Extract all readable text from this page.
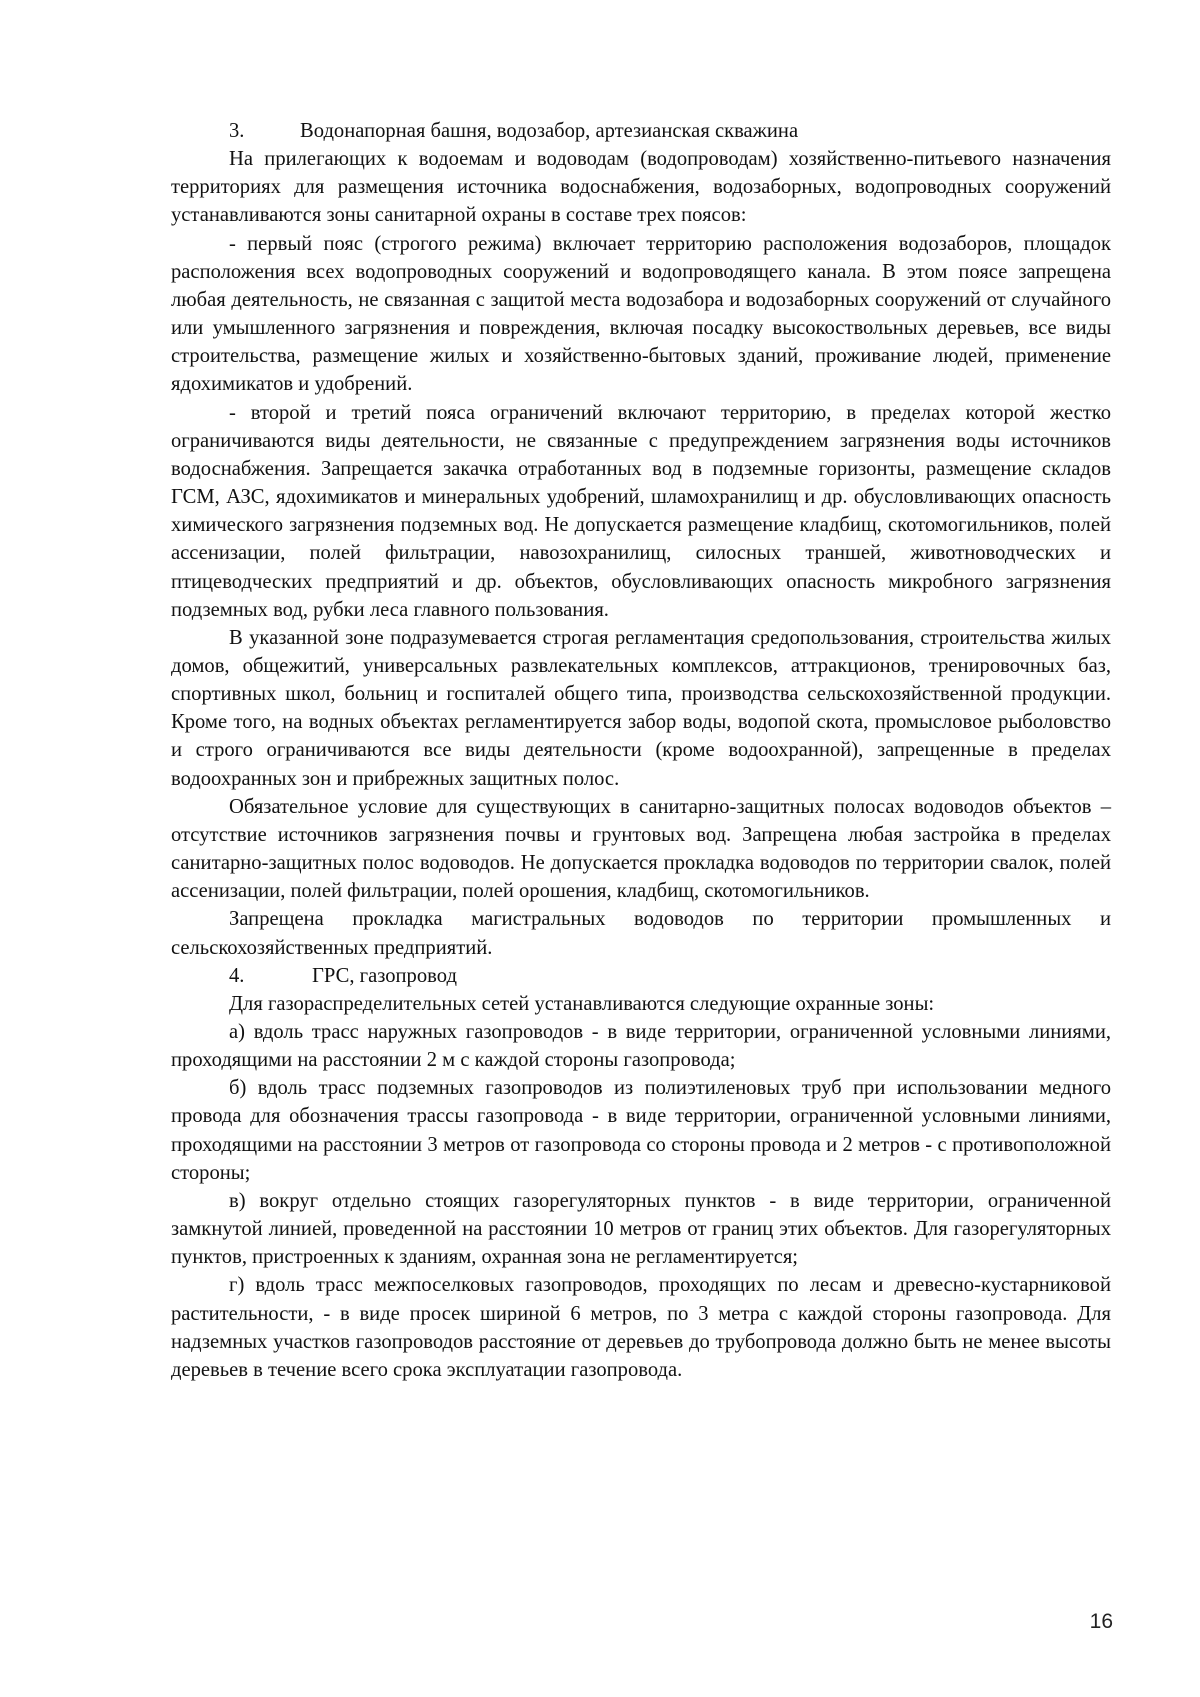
3.	Водонапорная башня, водозабор, артезианская скважина

На прилегающих к водоемам и водоводам (водопроводам) хозяйственно-питьевого назначения территориях для размещения источника водоснабжения, водозаборных, водопроводных сооружений устанавливаются зоны санитарной охраны в составе трех поясов:

- первый пояс (строгого режима) включает территорию расположения водозаборов, площадок расположения всех водопроводных сооружений и водопроводящего канала. В этом поясе запрещена любая деятельность, не связанная с защитой места водозабора и водозаборных сооружений от случайного или умышленного загрязнения и повреждения, включая посадку высокоствольных деревьев, все виды строительства, размещение жилых и хозяйственно-бытовых зданий, проживание людей, применение ядохимикатов и удобрений.

- второй и третий пояса ограничений включают территорию, в пределах которой жестко ограничиваются виды деятельности, не связанные с предупреждением загрязнения воды источников водоснабжения. Запрещается закачка отработанных вод в подземные горизонты, размещение складов ГСМ, АЗС, ядохимикатов и минеральных удобрений, шламохранилищ и др. обусловливающих опасность химического загрязнения подземных вод. Не допускается размещение кладбищ, скотомогильников, полей ассенизации, полей фильтрации, навозохранилищ, силосных траншей, животноводческих и птицеводческих предприятий и др. объектов, обусловливающих опасность микробного загрязнения подземных вод, рубки леса главного пользования.

В указанной зоне подразумевается строгая регламентация средопользования, строительства жилых домов, общежитий, универсальных развлекательных комплексов, аттракционов, тренировочных баз, спортивных школ, больниц и госпиталей общего типа, производства сельскохозяйственной продукции. Кроме того, на водных объектах регламентируется забор воды, водопой скота, промысловое рыболовство и строго ограничиваются все виды деятельности (кроме водоохранной), запрещенные в пределах водоохранных зон и прибрежных защитных полос.

Обязательное условие для существующих в санитарно-защитных полосах водоводов объектов – отсутствие источников загрязнения почвы и грунтовых вод. Запрещена любая застройка в пределах санитарно-защитных полос водоводов. Не допускается прокладка водоводов по территории свалок, полей ассенизации, полей фильтрации, полей орошения, кладбищ, скотомогильников.

Запрещена прокладка магистральных водоводов по территории промышленных и сельскохозяйственных предприятий.

4.	ГРС, газопровод

Для газораспределительных сетей устанавливаются следующие охранные зоны:

а) вдоль трасс наружных газопроводов - в виде территории, ограниченной условными линиями, проходящими на расстоянии 2 м с каждой стороны газопровода;

б) вдоль трасс подземных газопроводов из полиэтиленовых труб при использовании медного провода для обозначения трассы газопровода - в виде территории, ограниченной условными линиями, проходящими на расстоянии 3 метров от газопровода со стороны провода и 2 метров - с противоположной стороны;

в) вокруг отдельно стоящих газорегуляторных пунктов - в виде территории, ограниченной замкнутой линией, проведенной на расстоянии 10 метров от границ этих объектов. Для газорегуляторных пунктов, пристроенных к зданиям, охранная зона не регламентируется;

г) вдоль трасс межпоселковых газопроводов, проходящих по лесам и древесно-кустарниковой растительности, - в виде просек шириной 6 метров, по 3 метра с каждой стороны газопровода. Для надземных участков газопроводов расстояние от деревьев до трубопровода должно быть не менее высоты деревьев в течение всего срока эксплуатации газопровода.

16
